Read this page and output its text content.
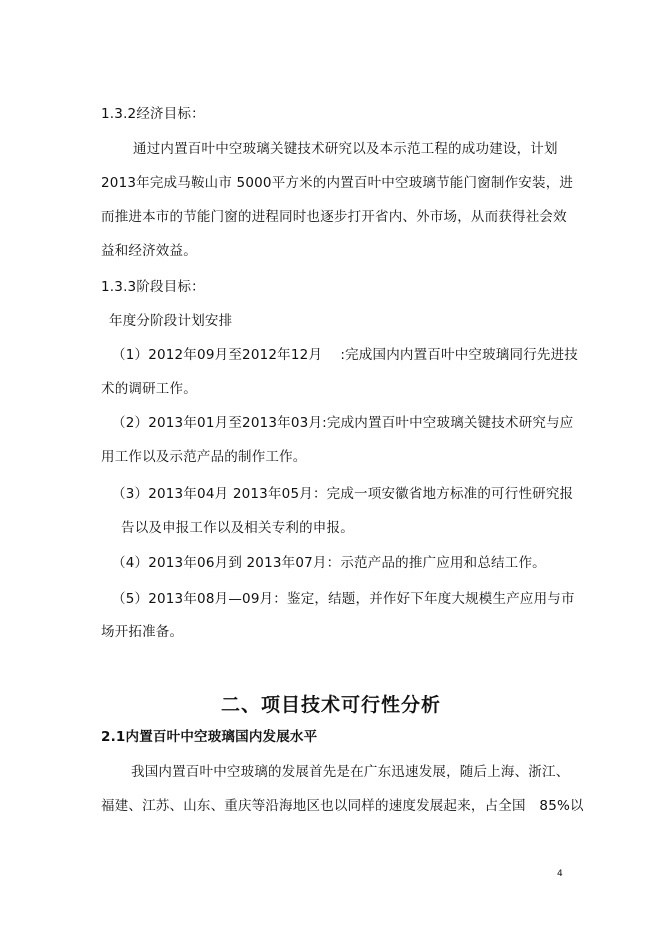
1.3.2经济目标：
通过内置百叶中空玻璃关键技术研究以及本示范工程的成功建设，计划
2013年完成马鞍山市 5000平方米的内置百叶中空玻璃节能门窗制作安装，进
而推进本市的节能门窗的进程同时也逐步打开省内、外市场，从而获得社会效
益和经济效益。
1.3.3阶段目标：
年度分阶段计划安排
（1）2012年09月至2012年12月　 :完成国内内置百叶中空玻璃同行先进技
术的调研工作。
（2）2013年01月至2013年03月:完成内置百叶中空玻璃关键技术研究与应
用工作以及示范产品的制作工作。
（3）2013年04月 2013年05月：完成一项安徽省地方标准的可行性研究报
告以及申报工作以及相关专利的申报。
（4）2013年06月到 2013年07月：示范产品的推广应用和总结工作。
（5）2013年08月—09月：鉴定，结题，并作好下年度大规模生产应用与市
场开拓准备。
二、项目技术可行性分析
2.1内置百叶中空玻璃国内发展水平
我国内置百叶中空玻璃的发展首先是在广东迅速发展，随后上海、浙江、
福建、江苏、山东、重庆等沿海地区也以同样的速度发展起来，占全国　85%以
4
